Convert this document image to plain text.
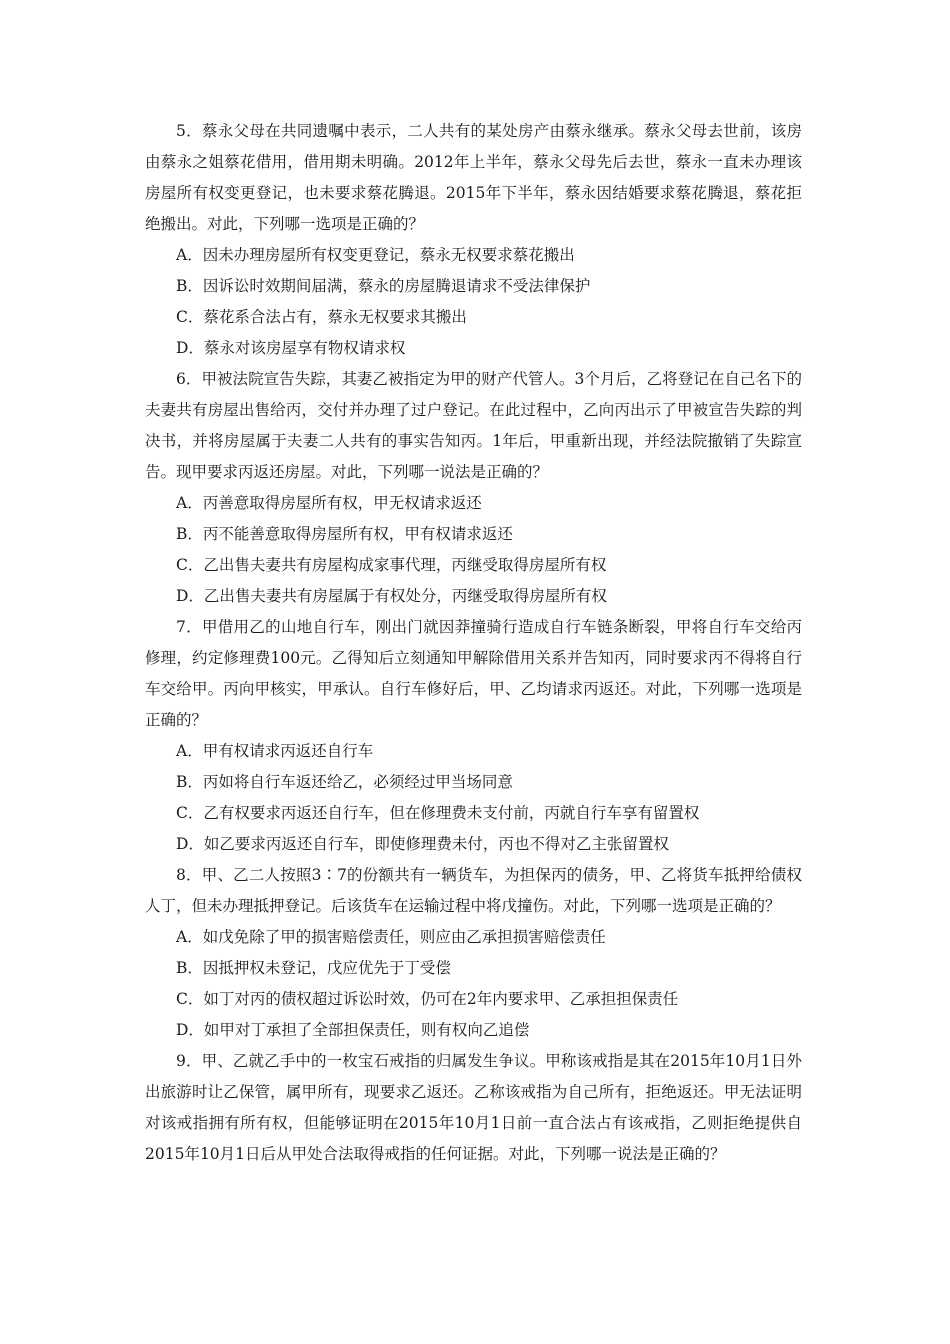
5．蔡永父母在共同遗嘱中表示，二人共有的某处房产由蔡永继承。蔡永父母去世前，该房由蔡永之姐蔡花借用，借用期未明确。2012年上半年，蔡永父母先后去世，蔡永一直未办理该房屋所有权变更登记，也未要求蔡花腾退。2015年下半年，蔡永因结婚要求蔡花腾退，蔡花拒绝搬出。对此，下列哪一选项是正确的？

A．因未办理房屋所有权变更登记，蔡永无权要求蔡花搬出

B．因诉讼时效期间届满，蔡永的房屋腾退请求不受法律保护

C．蔡花系合法占有，蔡永无权要求其搬出

D．蔡永对该房屋享有物权请求权

6．甲被法院宣告失踪，其妻乙被指定为甲的财产代管人。3个月后，乙将登记在自己名下的夫妻共有房屋出售给丙，交付并办理了过户登记。在此过程中，乙向丙出示了甲被宣告失踪的判决书，并将房屋属于夫妻二人共有的事实告知丙。1年后，甲重新出现，并经法院撤销了失踪宣告。现甲要求丙返还房屋。对此，下列哪一说法是正确的？

A．丙善意取得房屋所有权，甲无权请求返还

B．丙不能善意取得房屋所有权，甲有权请求返还

C．乙出售夫妻共有房屋构成家事代理，丙继受取得房屋所有权

D．乙出售夫妻共有房屋属于有权处分，丙继受取得房屋所有权

7．甲借用乙的山地自行车，刚出门就因莽撞骑行造成自行车链条断裂，甲将自行车交给丙修理，约定修理费100元。乙得知后立刻通知甲解除借用关系并告知丙，同时要求丙不得将自行车交给甲。丙向甲核实，甲承认。自行车修好后，甲、乙均请求丙返还。对此，下列哪一选项是正确的？

A．甲有权请求丙返还自行车

B．丙如将自行车返还给乙，必须经过甲当场同意

C．乙有权要求丙返还自行车，但在修理费未支付前，丙就自行车享有留置权

D．如乙要求丙返还自行车，即使修理费未付，丙也不得对乙主张留置权

8．甲、乙二人按照3∶7的份额共有一辆货车，为担保丙的债务，甲、乙将货车抵押给债权人丁，但未办理抵押登记。后该货车在运输过程中将戊撞伤。对此，下列哪一选项是正确的？

A．如戊免除了甲的损害赔偿责任，则应由乙承担损害赔偿责任

B．因抵押权未登记，戊应优先于丁受偿

C．如丁对丙的债权超过诉讼时效，仍可在2年内要求甲、乙承担担保责任

D．如甲对丁承担了全部担保责任，则有权向乙追偿

9．甲、乙就乙手中的一枚宝石戒指的归属发生争议。甲称该戒指是其在2015年10月1日外出旅游时让乙保管，属甲所有，现要求乙返还。乙称该戒指为自己所有，拒绝返还。甲无法证明对该戒指拥有所有权，但能够证明在2015年10月1日前一直合法占有该戒指，乙则拒绝提供自2015年10月1日后从甲处合法取得戒指的任何证据。对此，下列哪一说法是正确的？
